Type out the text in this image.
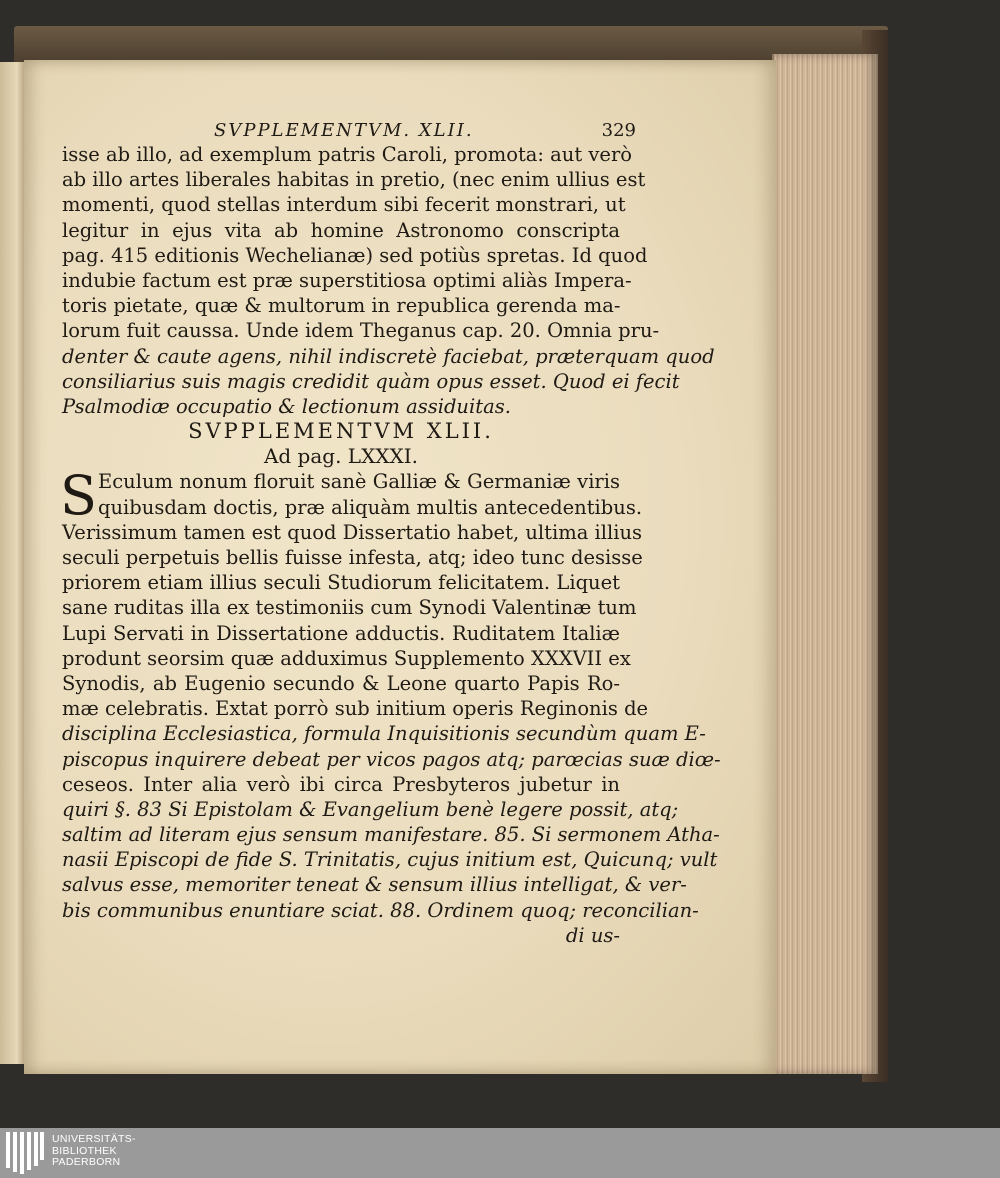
SVPPLEMENTVM. XLII.	329
isse ab illo, ad exemplum patris Caroli, promota: aut verò
ab illo artes liberales habitas in pretio, (nec enim ullius est
momenti, quod stellas interdum sibi fecerit monstrari, ut
legitur in ejus vita ab homine Astronomo conscripta
pag. 415 editionis Wechelianæ) sed potiùs spretas. Id quod
indubie factum est præ superstitiosa optimi aliàs Impera-
toris pietate, quæ & multorum in republica gerenda ma-
lorum fuit caussa. Unde idem Theganus cap. 20. Omnia pru-
denter & caute agens, nihil indiscretè faciebat, præterquam quod
consiliarius suis magis credidit quàm opus esset. Quod ei fecit
Psalmodiæ occupatio & lectionum assiduitas.
SVPPLEMENTVM XLII.
Ad pag. LXXXI.
S Eculum nonum floruit sanè Galliæ & Germaniæ viris
quibusdam doctis, præ aliquàm multis antecedentibus.
Verissimum tamen est quod Dissertatio habet, ultima illius
seculi perpetuis bellis fuisse infesta, atq; ideo tunc desisse
priorem etiam illius seculi Studiorum felicitatem. Liquet
sane ruditas illa ex testimoniis cum Synodi Valentinæ tum
Lupi Servati in Dissertatione adductis. Ruditatem Italiæ
produnt seorsim quæ adduximus Supplemento XXXVII ex
Synodis, ab Eugenio secundo & Leone quarto Papis Ro-
mæ celebratis. Extat porrò sub initium operis Reginonis de
disciplina Ecclesiastica, formula Inquisitionis secundùm quam E-
piscopus inquirere debeat per vicos pagos atq; parœcias suæ diœ-
ceseos. Inter alia verò ibi circa Presbyteros jubetur in
quiri §. 83 Si Epistolam & Evangelium benè legere possit, atq;
saltim ad literam ejus sensum manifestare. 85. Si sermonem Atha-
nasii Episcopi de fide S. Trinitatis, cujus initium est, Quicunq; vult
salvus esse, memoriter teneat & sensum illius intelligat, & ver-
bis communibus enuntiare sciat. 88. Ordinem quoq; reconcilian-
di us-
UNIVERSITÄTS-
BIBLIOTHEK
PADERBORN
